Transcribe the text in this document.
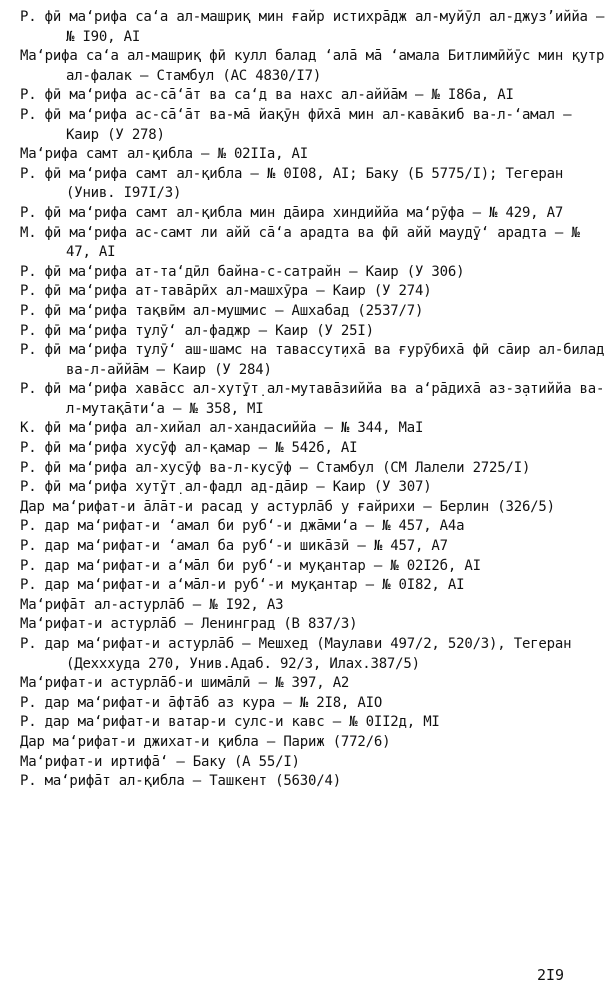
Р. фӣ ма‘рифа са‘а ал-машриқ мин ғайр истихрāдж ал-муйӯл ал-джуз’иййа – № I90, AI
Ма‘рифа са‘а ал-машриқ фӣ кулл балад ‘алā мā ‘амала Битлимӣйӯс мин қутр ал-фалак – Стамбул (АС 4830/I7)
Р. фӣ ма‘рифа ас-сā‘āт ва са‘д ва нахс ал-аййāм – № I86а, AI
Р. фӣ ма‘рифа ас-сā‘āт ва-мā йақӯн фӣхā мин ал-кавāкиб ва-л-‘амал – Каир (У 278)
Ма‘рифа самт ал-қибла – № 02IIа, AI
Р. фӣ ма‘рифа самт ал-қибла – № 0I08, AI; Баку (Б 5775/I); Тегеран (Унив. I97I/3)
Р. фӣ ма‘рифа самт ал-қибла мин дāира хиндиййа ма‘рӯфа – № 429, A7
М. фӣ ма‘рифа ас-самт ли айй сā‘а арадта ва фӣ айй мауд̣ӯ‘ арадта – № 47, AI
Р. фӣ ма‘рифа ат-та‘дӣл байна-с-сатрайн – Каир (У 306)
Р. фӣ ма‘рифа ат-тавāрӣх ал-машхӯра – Каир (У 274)
Р. фӣ ма‘рифа тақвӣм ал-мушмис – Ашхабад (2537/7)
Р. фӣ ма‘рифа т̣улӯ‘ ал-фаджр – Каир (У 25I)
Р. фӣ ма‘рифа т̣улӯ‘ аш-шамс на тавассут̣ихā ва ғурӯбихā фӣ сāир ал-билад ва-л-аййāм – Каир (У 284)
Р. фӣ ма‘рифа хавāсс ал-хут̣ӯт̣ ал-мутавāзиййа ва а‘рāдихā аз-з̣атиййа ва-л-мутақāти‘а – № 358, MI
К. фӣ ма‘рифа ал-хийал ал-хандасиййа – № 344, MaI
Р. фӣ ма‘рифа хусӯф ал-қамар – № 542б, AI
Р. фӣ ма‘рифа ал-хусӯф ва-л-кусӯф – Стамбул (СМ Лалели 2725/I)
Р. фӣ ма‘рифа хут̣ӯт̣ ал-фадл ад-дāир – Каир (У 307)
Дар ма‘рифат-и āлāт-и расад у астурлāб у ғайрихи – Берлин (326/5)
Р. дар ма‘рифат-и ‘амал би руб‘-и джāми‘а – № 457, A4а
Р. дар ма‘рифат-и ‘амал ба руб‘-и шикāзӣ – № 457, A7
Р. дар ма‘рифат-и а‘мāл би руб‘-и муқантар – № 02I2б, AI
Р. дар ма‘рифат-и а‘мāл-и руб‘-и муқантар – № 0I82, AI
Ма‘рифāт ал-астурлāб – № I92, A3
Ма‘рифат-и астурлāб – Ленинград (В 837/3)
Р. дар ма‘рифат-и астурлāб – Мешхед (Маулави 497/2, 520/3), Тегеран (Дехххуда 270, Унив.Адаб. 92/3, Илах.387/5)
Ма‘рифат-и астурлāб-и шимāлӣ – № 397, A2
Р. дар ма‘рифат-и āфтāб аз кура – № 2I8, AIO
Р. дар ма‘рифат-и ватар-и сулс-и кавс – № 0II2д, MI
Дар ма‘рифат-и джихат-и қибла – Париж (772/6)
Ма‘рифат-и иртифā‘ – Баку (А 55/I)
Р. ма‘рифāт ал-қибла – Ташкент (5630/4)
2I9
